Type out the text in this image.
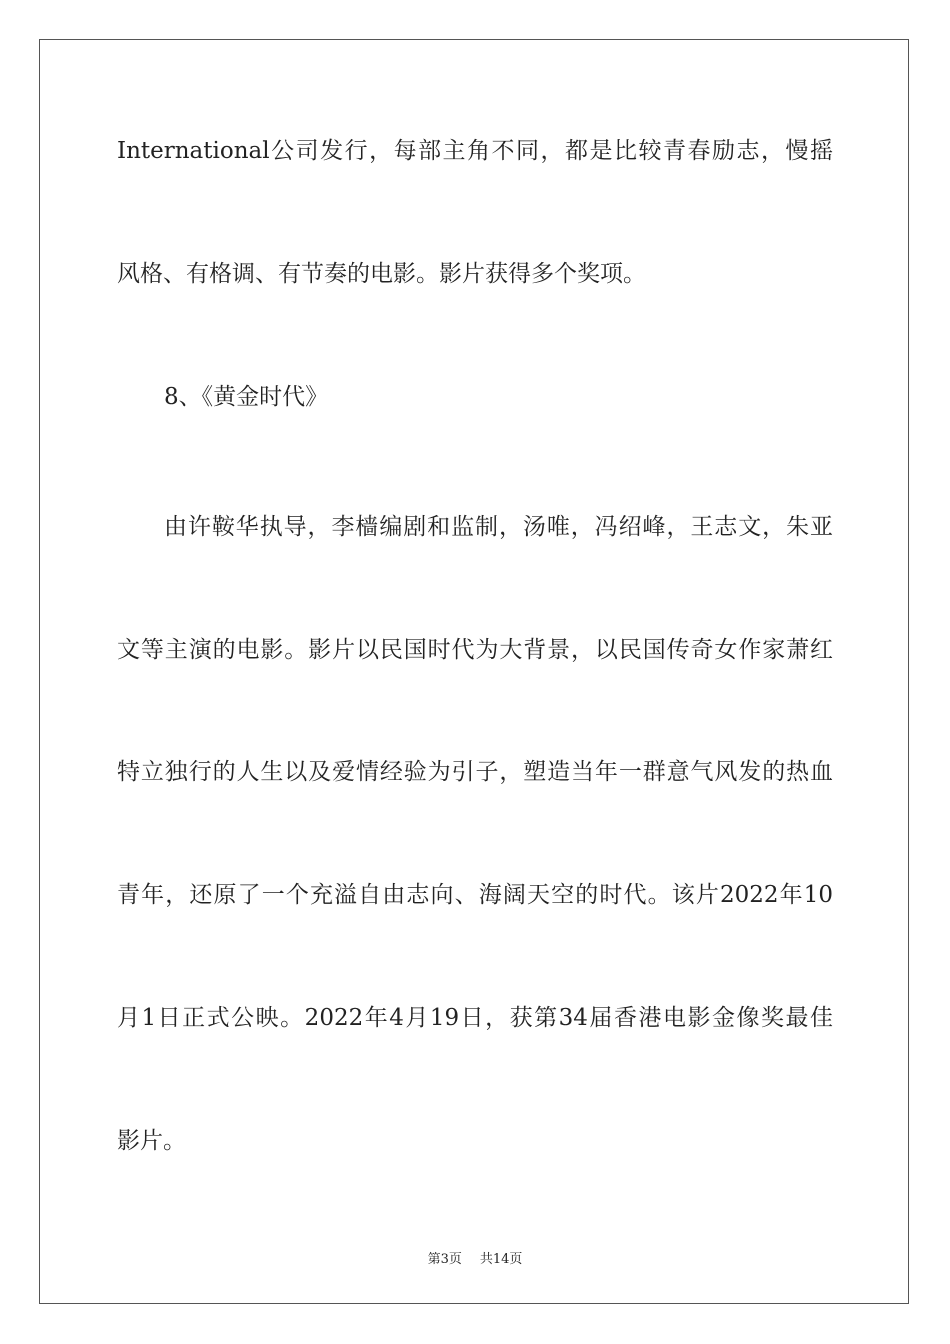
International公司发行，每部主角不同，都是比较青春励志，慢摇
风格、有格调、有节奏的电影。影片获得多个奖项。
8、《黄金时代》
由许鞍华执导，李樯编剧和监制，汤唯，冯绍峰，王志文，朱亚
文等主演的电影。影片以民国时代为大背景，以民国传奇女作家萧红
特立独行的人生以及爱情经验为引子，塑造当年一群意气风发的热血
青年，还原了一个充溢自由志向、海阔天空的时代。该片2022年10
月1日正式公映。2022年4月19日，获第34届香港电影金像奖最佳
影片。
第3页 共14页
